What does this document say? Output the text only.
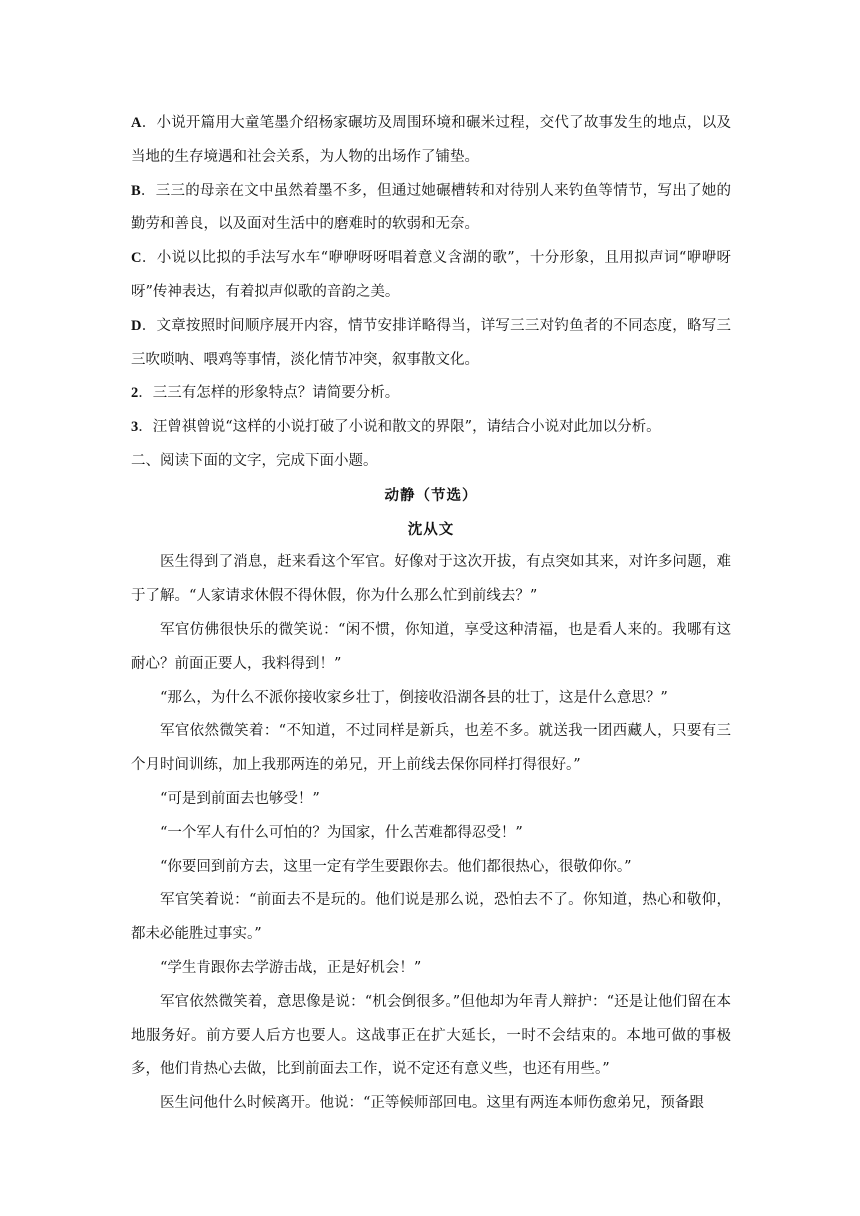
A．小说开篇用大童笔墨介绍杨家碾坊及周围环境和碾米过程，交代了故事发生的地点，以及当地的生存境遇和社会关系，为人物的出场作了铺垫。

B．三三的母亲在文中虽然着墨不多，但通过她碾槽转和对待别人来钓鱼等情节，写出了她的勤劳和善良，以及面对生活中的磨难时的软弱和无奈。

C．小说以比拟的手法写水车“咿咿呀呀唱着意义含湖的歌”，十分形象，且用拟声词“咿咿呀呀”传神表达，有着拟声似歌的音韵之美。

D．文章按照时间顺序展开内容，情节安排详略得当，详写三三对钓鱼者的不同态度，略写三三吹唢呐、喂鸡等事情，淡化情节冲突，叙事散文化。

2．三三有怎样的形象特点？请简要分析。

3．汪曾祺曾说“这样的小说打破了小说和散文的界限”，请结合小说对此加以分析。

二、阅读下面的文字，完成下面小题。

动静（节选）

沈从文

医生得到了消息，赶来看这个军官。好像对于这次开拔，有点突如其来，对许多问题，难于了解。“人家请求休假不得休假，你为什么那么忙到前线去？”

军官仿佛很快乐的微笑说：“闲不惯，你知道，享受这种清福，也是看人来的。我哪有这耐心？前面正要人，我料得到！”

“那么，为什么不派你接收家乡壮丁，倒接收沿湖各县的壮丁，这是什么意思？”

军官依然微笑着：“不知道，不过同样是新兵，也差不多。就送我一团西藏人，只要有三个月时间训练，加上我那两连的弟兄，开上前线去保你同样打得很好。”

“可是到前面去也够受！”

“一个军人有什么可怕的？为国家，什么苦难都得忍受！”

“你要回到前方去，这里一定有学生要跟你去。他们都很热心，很敬仰你。”

军官笑着说：“前面去不是玩的。他们说是那么说，恐怕去不了。你知道，热心和敬仰，都未必能胜过事实。”

“学生肯跟你去学游击战，正是好机会！”

军官依然微笑着，意思像是说：“机会倒很多。”但他却为年青人辩护：“还是让他们留在本地服务好。前方要人后方也要人。这战事正在扩大延长，一时不会结束的。本地可做的事极多，他们肯热心去做，比到前面去工作，说不定还有意义些，也还有用些。”

医生问他什么时候离开。他说：“正等候师部回电。这里有两连本师伤愈弟兄，预备跟
